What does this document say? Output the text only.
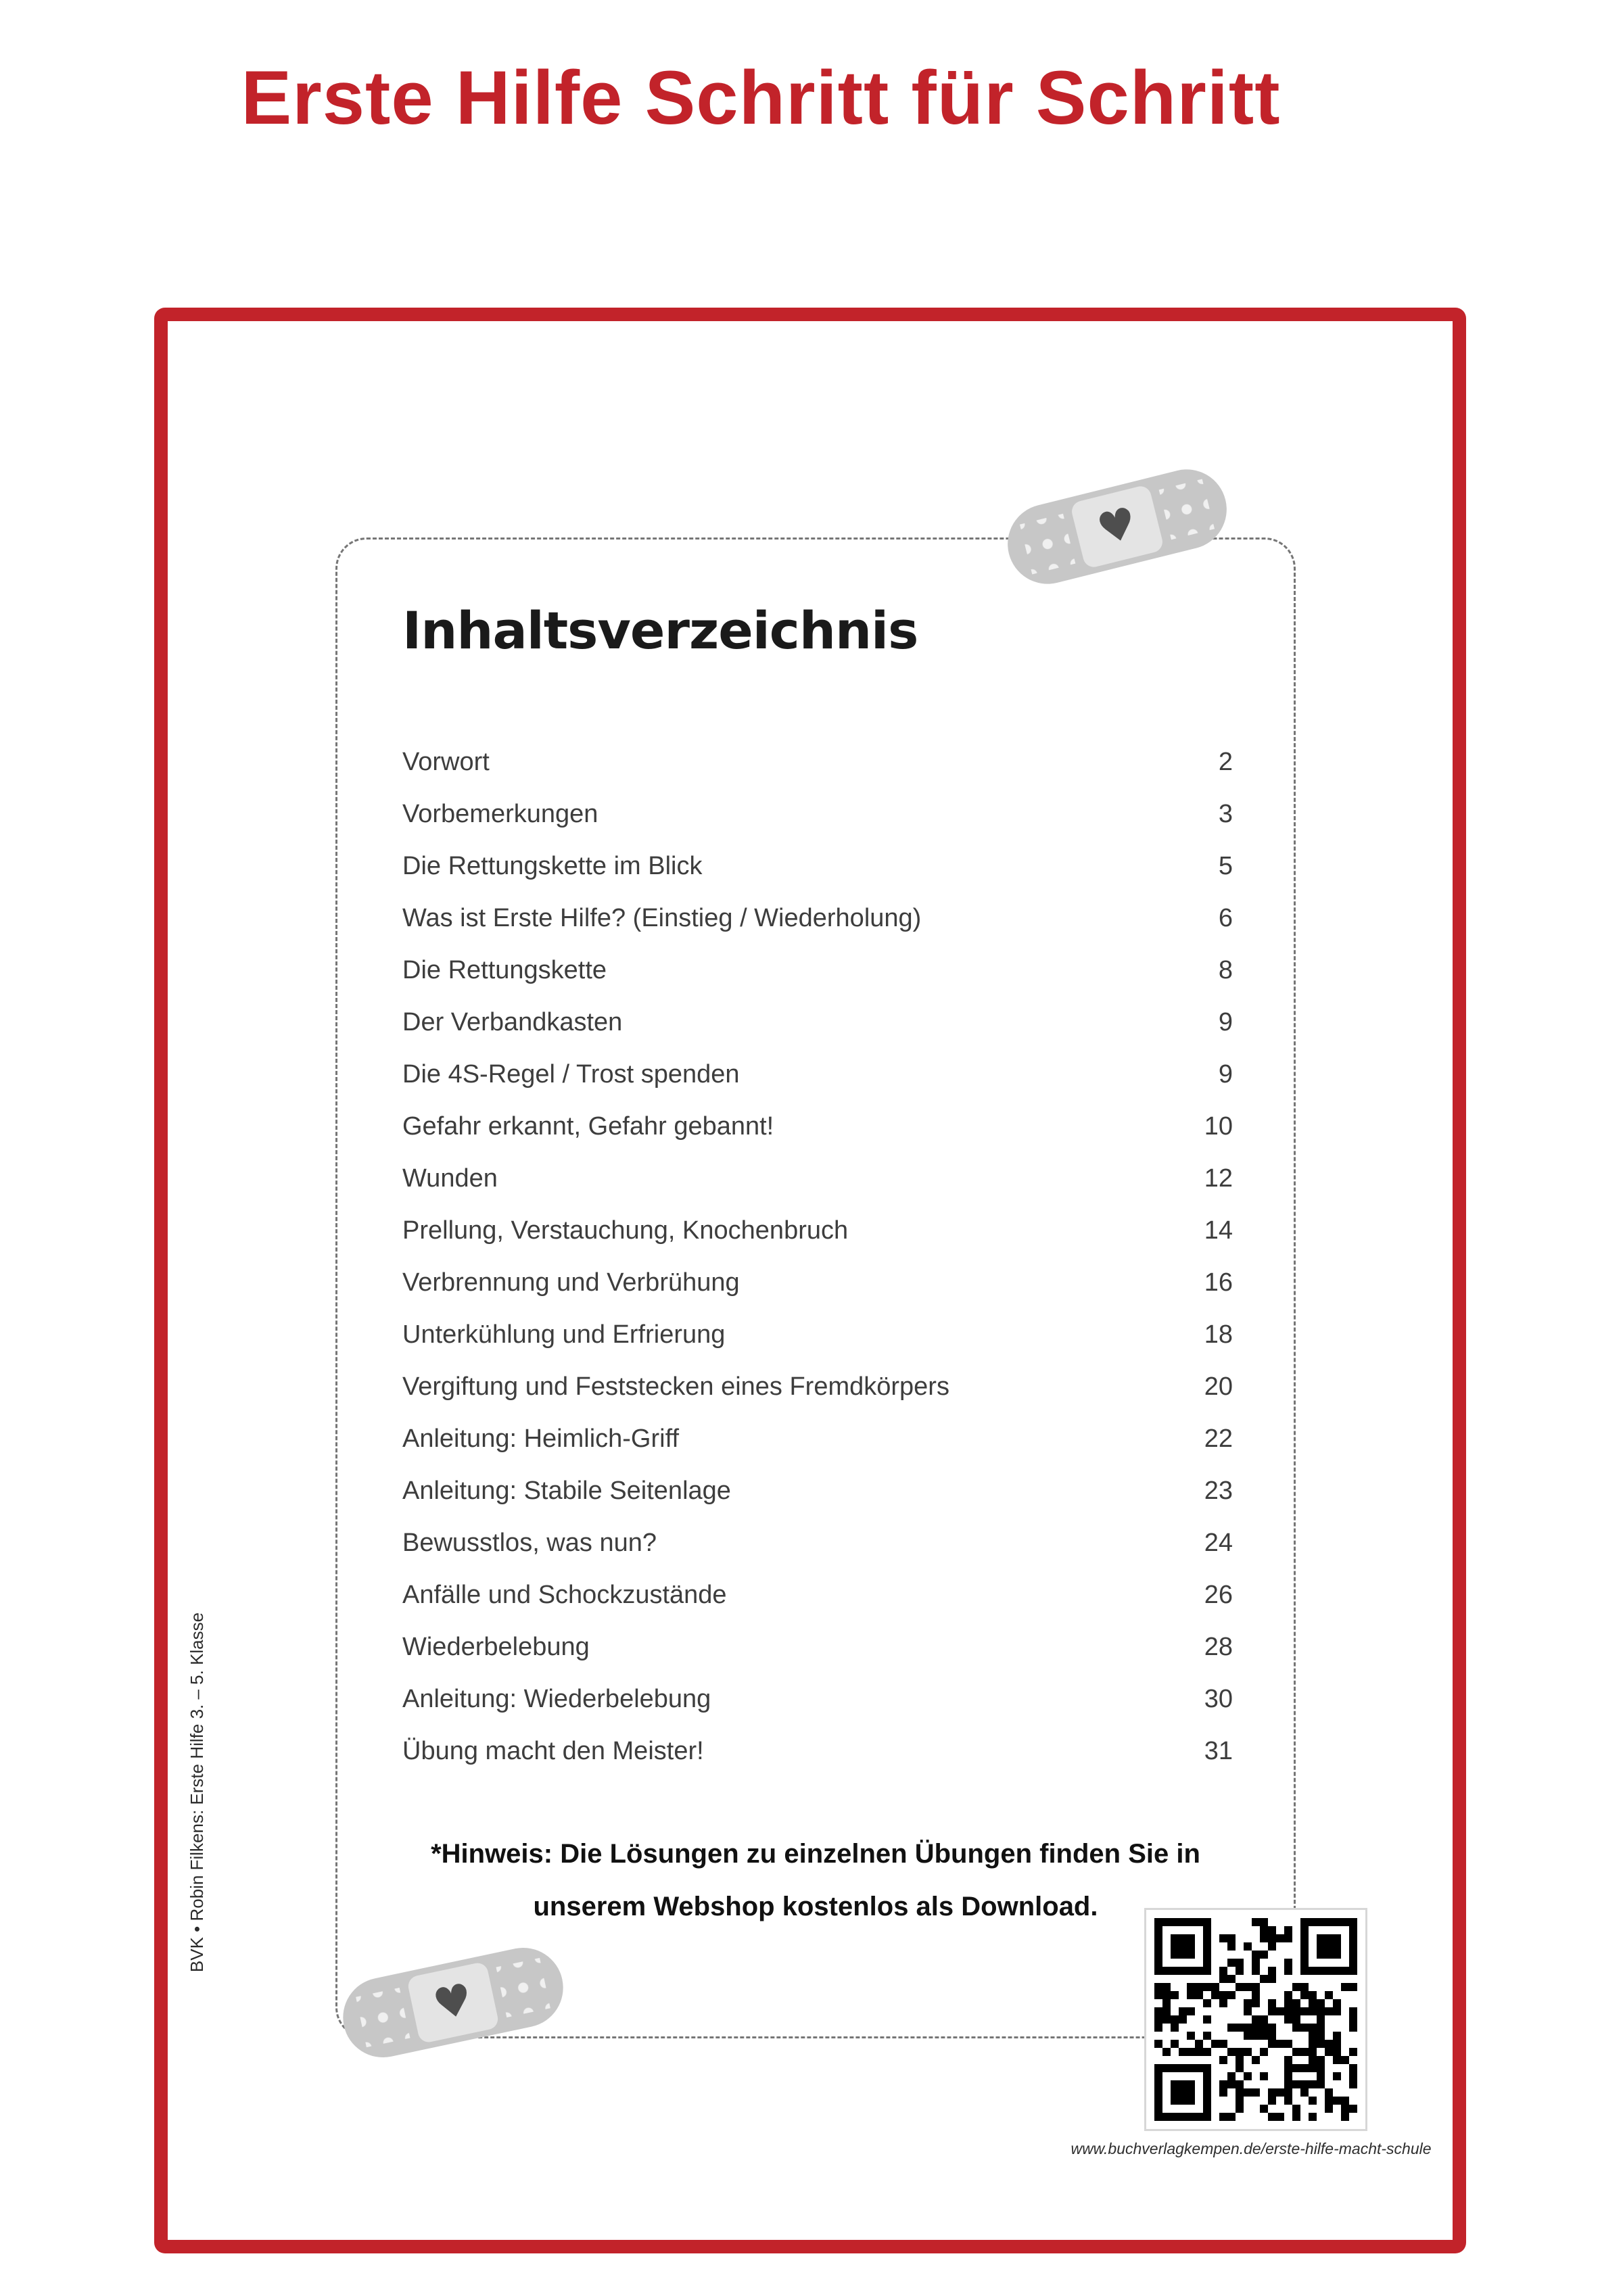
Erste Hilfe Schritt für Schritt
Inhaltsverzeichnis
Vorwort	2
Vorbemerkungen	3
Die Rettungskette im Blick	5
Was ist Erste Hilfe? (Einstieg / Wiederholung)	6
Die Rettungskette	8
Der Verbandkasten	9
Die 4S-Regel / Trost spenden	9
Gefahr erkannt, Gefahr gebannt!	10
Wunden	12
Prellung, Verstauchung, Knochenbruch	14
Verbrennung und Verbrühung	16
Unterkühlung und Erfrierung	18
Vergiftung und Feststecken eines Fremdkörpers	20
Anleitung: Heimlich-Griff	22
Anleitung: Stabile Seitenlage	23
Bewusstlos, was nun?	24
Anfälle und Schockzustände	26
Wiederbelebung	28
Anleitung: Wiederbelebung	30
Übung macht den Meister!	31
*Hinweis: Die Lösungen zu einzelnen Übungen finden Sie in
unserem Webshop kostenlos als Download.
♥
♥
www.buchverlagkempen.de/erste-hilfe-macht-schule
BVK • Robin Filkens: Erste Hilfe 3. – 5. Klasse
